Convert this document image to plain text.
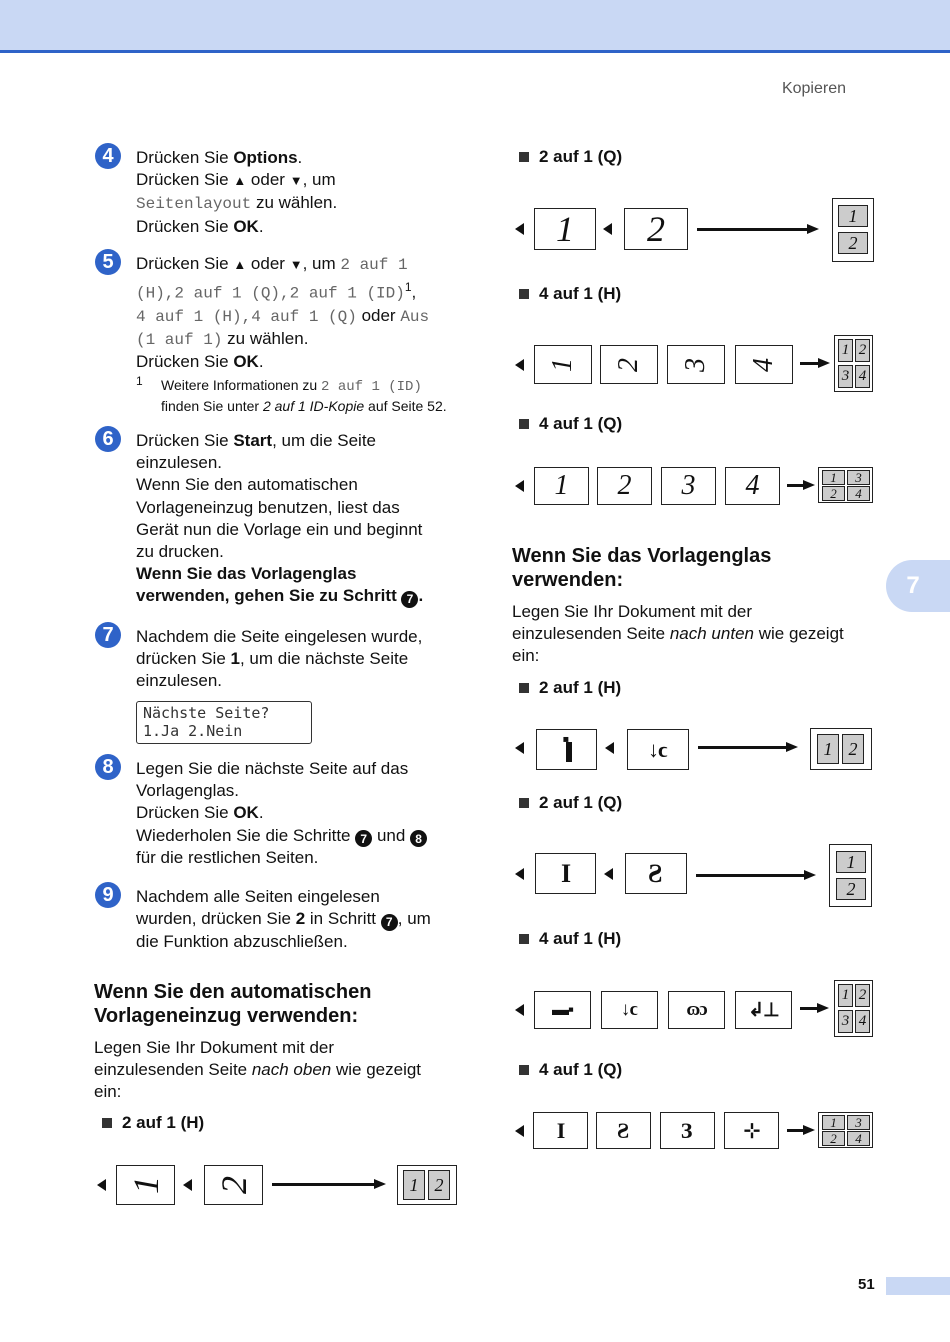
Kopieren
7
51
4	Drücken Sie Options.

Drücken Sie ▲ oder ▼, um

Seitenlayout zu wählen.

Drücken Sie OK.

5	Drücken Sie ▲ oder ▼, um 2 auf 1

(H),2 auf 1 (Q),2 auf 1 (ID)$^1$,

4 auf 1 (H),4 auf 1 (Q) oder Aus

(1 auf 1) zu wählen.

Drücken Sie OK.

1 Weitere Informationen zu 2 auf 1 (ID)
finden Sie unter 2 auf 1 ID-Kopie auf Seite 52.
6	Drücken Sie Start, um die Seite

einzulesen.

Wenn Sie den automatischen

Vorlageneinzug benutzen, liest das

Gerät nun die Vorlage ein und beginnt

zu drucken.

Wenn Sie das Vorlagenglas

verwenden, gehen Sie zu Schritt 7 .

7	Nachdem die Seite eingelesen wurde,

drücken Sie 1, um die nächste Seite

einzulesen.

Nächste Seite?
1.Ja 2.Nein
8	Legen Sie die nächste Seite auf das

Vorlagenglas.

Drücken Sie OK.

Wiederholen Sie die Schritte 7 und 8

für die restlichen Seiten.

9	Nachdem alle Seiten eingelesen

wurden, drücken Sie 2 in Schritt 7 , um

die Funktion abzuschließen.

Wenn Sie den automatischen
Vorlageneinzug verwenden:

Legen Sie Ihr Dokument mit der

einzulesenden Seite nach oben wie gezeigt

ein:

2 auf 1 (H)
1 2	1 2
2 auf 1 (Q)
1 2	1
2
4 auf 1 (H)
1 2 3 4
1 2
3 4
4 auf 1 (Q)
1 2 3 4	1	3
2	4
Wenn Sie das Vorlagenglas
verwenden:

Legen Sie Ihr Dokument mit der

einzulesenden Seite nach unten wie gezeigt

ein:

2 auf 1 (H)
▬▪	ↄ↓	1 2
2 auf 1 (Q)
I	S	1
2
4 auf 1 (H)
▬▪	ↄ↓	ɷɔ ↲⊥
1 2
3 4
4 auf 1 (Q)
I S Ɛ	⊹	1	3
2	4
